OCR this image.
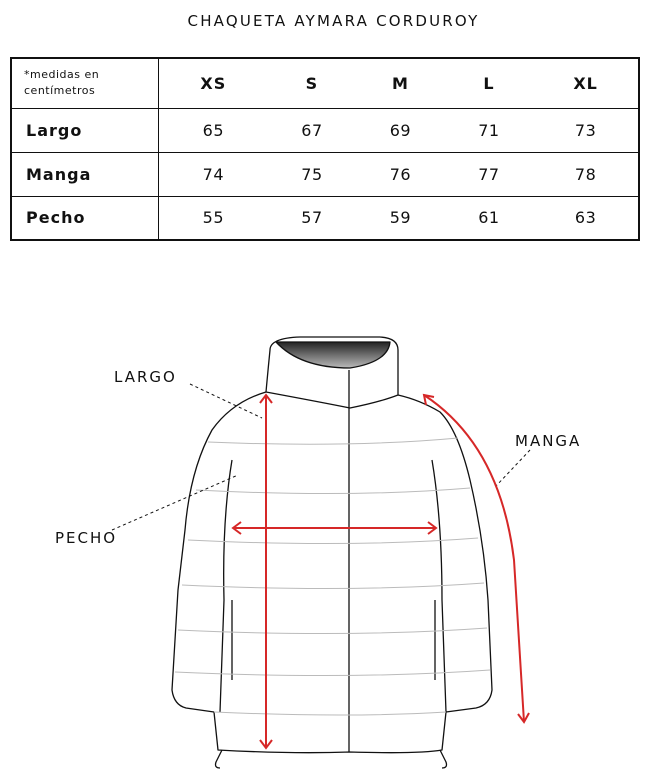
CHAQUETA AYMARA CORDUROY
*medidas en
centímetros	XS	S	M	L	XL
Largo	65	67	69	71	73
Manga	74	75	76	77	78
Pecho	55	57	59	61	63
LARGO
MANGA
PECHO
